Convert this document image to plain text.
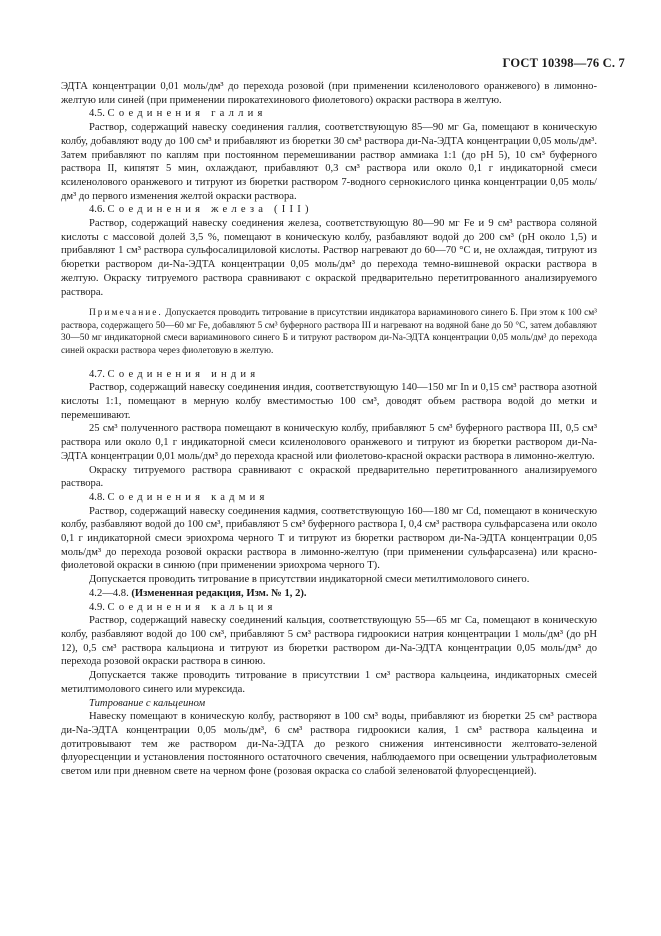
ГОСТ 10398—76 С. 7

ЭДТА концентрации 0,01 моль/дм³ до перехода розовой (при применении ксиленолового оранжевого) в лимонно-желтую или синей (при применении пирокатехинового фиолетового) окраски раствора в желтую.

4.5. Соединения галлия

Раствор, содержащий навеску соединения галлия, соответствующую 85—90 мг Ga, помещают в коническую колбу, добавляют воду до 100 см³ и прибавляют из бюретки 30 см³ раствора ди-Na-ЭДТА концентрации 0,05 моль/дм³. Затем прибавляют по каплям при постоянном перемешивании раствор аммиака 1:1 (до pH 5), 10 см³ буферного раствора II, кипятят 5 мин, охлаждают, прибавляют 0,3 см³ раствора или около 0,1 г индикаторной смеси ксиленолового оранжевого и титруют из бюретки раствором 7-водного сернокислого цинка концентрации 0,05 моль/дм³ до первого изменения желтой окраски раствора.

4.6. Соединения железа (III)

Раствор, содержащий навеску соединения железа, соответствующую 80—90 мг Fe и 9 см³ раствора соляной кислоты с массовой долей 3,5 %, помещают в коническую колбу, разбавляют водой до 200 см³ (pH около 1,5) и прибавляют 1 см³ раствора сульфосалициловой кислоты. Раствор нагревают до 60—70 °C и, не охлаждая, титруют из бюретки раствором ди-Na-ЭДТА концентрации 0,05 моль/дм³ до перехода темно-вишневой окраски раствора в желтую. Окраску титруемого раствора сравнивают с окраской предварительно перетитрованного анализируемого раствора.

Примечание. Допускается проводить титрование в присутствии индикатора вариаминового синего Б. При этом к 100 см³ раствора, содержащего 50—60 мг Fe, добавляют 5 см³ буферного раствора III и нагревают на водяной бане до 50 °C, затем добавляют 30—50 мг индикаторной смеси вариаминового синего Б и титруют раствором ди-Na-ЭДТА концентрации 0,05 моль/дм³ до перехода синей окраски раствора через фиолетовую в желтую.

4.7. Соединения индия

Раствор, содержащий навеску соединения индия, соответствующую 140—150 мг In и 0,15 см³ раствора азотной кислоты 1:1, помещают в мерную колбу вместимостью 100 см³, доводят объем раствора водой до метки и перемешивают.

25 см³ полученного раствора помещают в коническую колбу, прибавляют 5 см³ буферного раствора III, 0,5 см³ раствора или около 0,1 г индикаторной смеси ксиленолового оранжевого и титруют из бюретки раствором ди-Na-ЭДТА концентрации 0,01 моль/дм³ до перехода красной или фиолетово-красной окраски раствора в лимонно-желтую.

Окраску титруемого раствора сравнивают с окраской предварительно перетитрованного анализируемого раствора.

4.8. Соединения кадмия

Раствор, содержащий навеску соединения кадмия, соответствующую 160—180 мг Cd, помещают в коническую колбу, разбавляют водой до 100 см³, прибавляют 5 см³ буферного раствора I, 0,4 см³ раствора сульфарсазена или около 0,1 г индикаторной смеси эриохрома черного Т и титруют из бюретки раствором ди-Na-ЭДТА концентрации 0,05 моль/дм³ до перехода розовой окраски раствора в лимонно-желтую (при применении сульфарсазена) или красно-фиолетовой окраски в синюю (при применении эриохрома черного Т).

Допускается проводить титрование в присутствии индикаторной смеси метилтимолового синего.

4.2—4.8. (Измененная редакция, Изм. № 1, 2).

4.9. Соединения кальция

Раствор, содержащий навеску соединений кальция, соответствующую 55—65 мг Ca, помещают в коническую колбу, разбавляют водой до 100 см³, прибавляют 5 см³ раствора гидроокиси натрия концентрации 1 моль/дм³ (до pH 12), 0,5 см³ раствора кальциона и титруют из бюретки раствором ди-Na-ЭДТА концентрации 0,05 моль/дм³ до перехода розовой окраски раствора в синюю.

Допускается также проводить титрование в присутствии 1 см³ раствора кальцеина, индикаторных смесей метилтимолового синего или мурексида.

Титрование с кальцеином

Навеску помещают в коническую колбу, растворяют в 100 см³ воды, прибавляют из бюретки 25 см³ раствора ди-Na-ЭДТА концентрации 0,05 моль/дм³, 6 см³ раствора гидроокиси калия, 1 см³ раствора кальцеина и дотитровывают тем же раствором ди-Na-ЭДТА до резкого снижения интенсивности желтовато-зеленой флуоресценции и установления постоянного остаточного свечения, наблюдаемого при освещении ультрафиолетовым светом или при дневном свете на черном фоне (розовая окраска со слабой зеленоватой флуоресценцией).
